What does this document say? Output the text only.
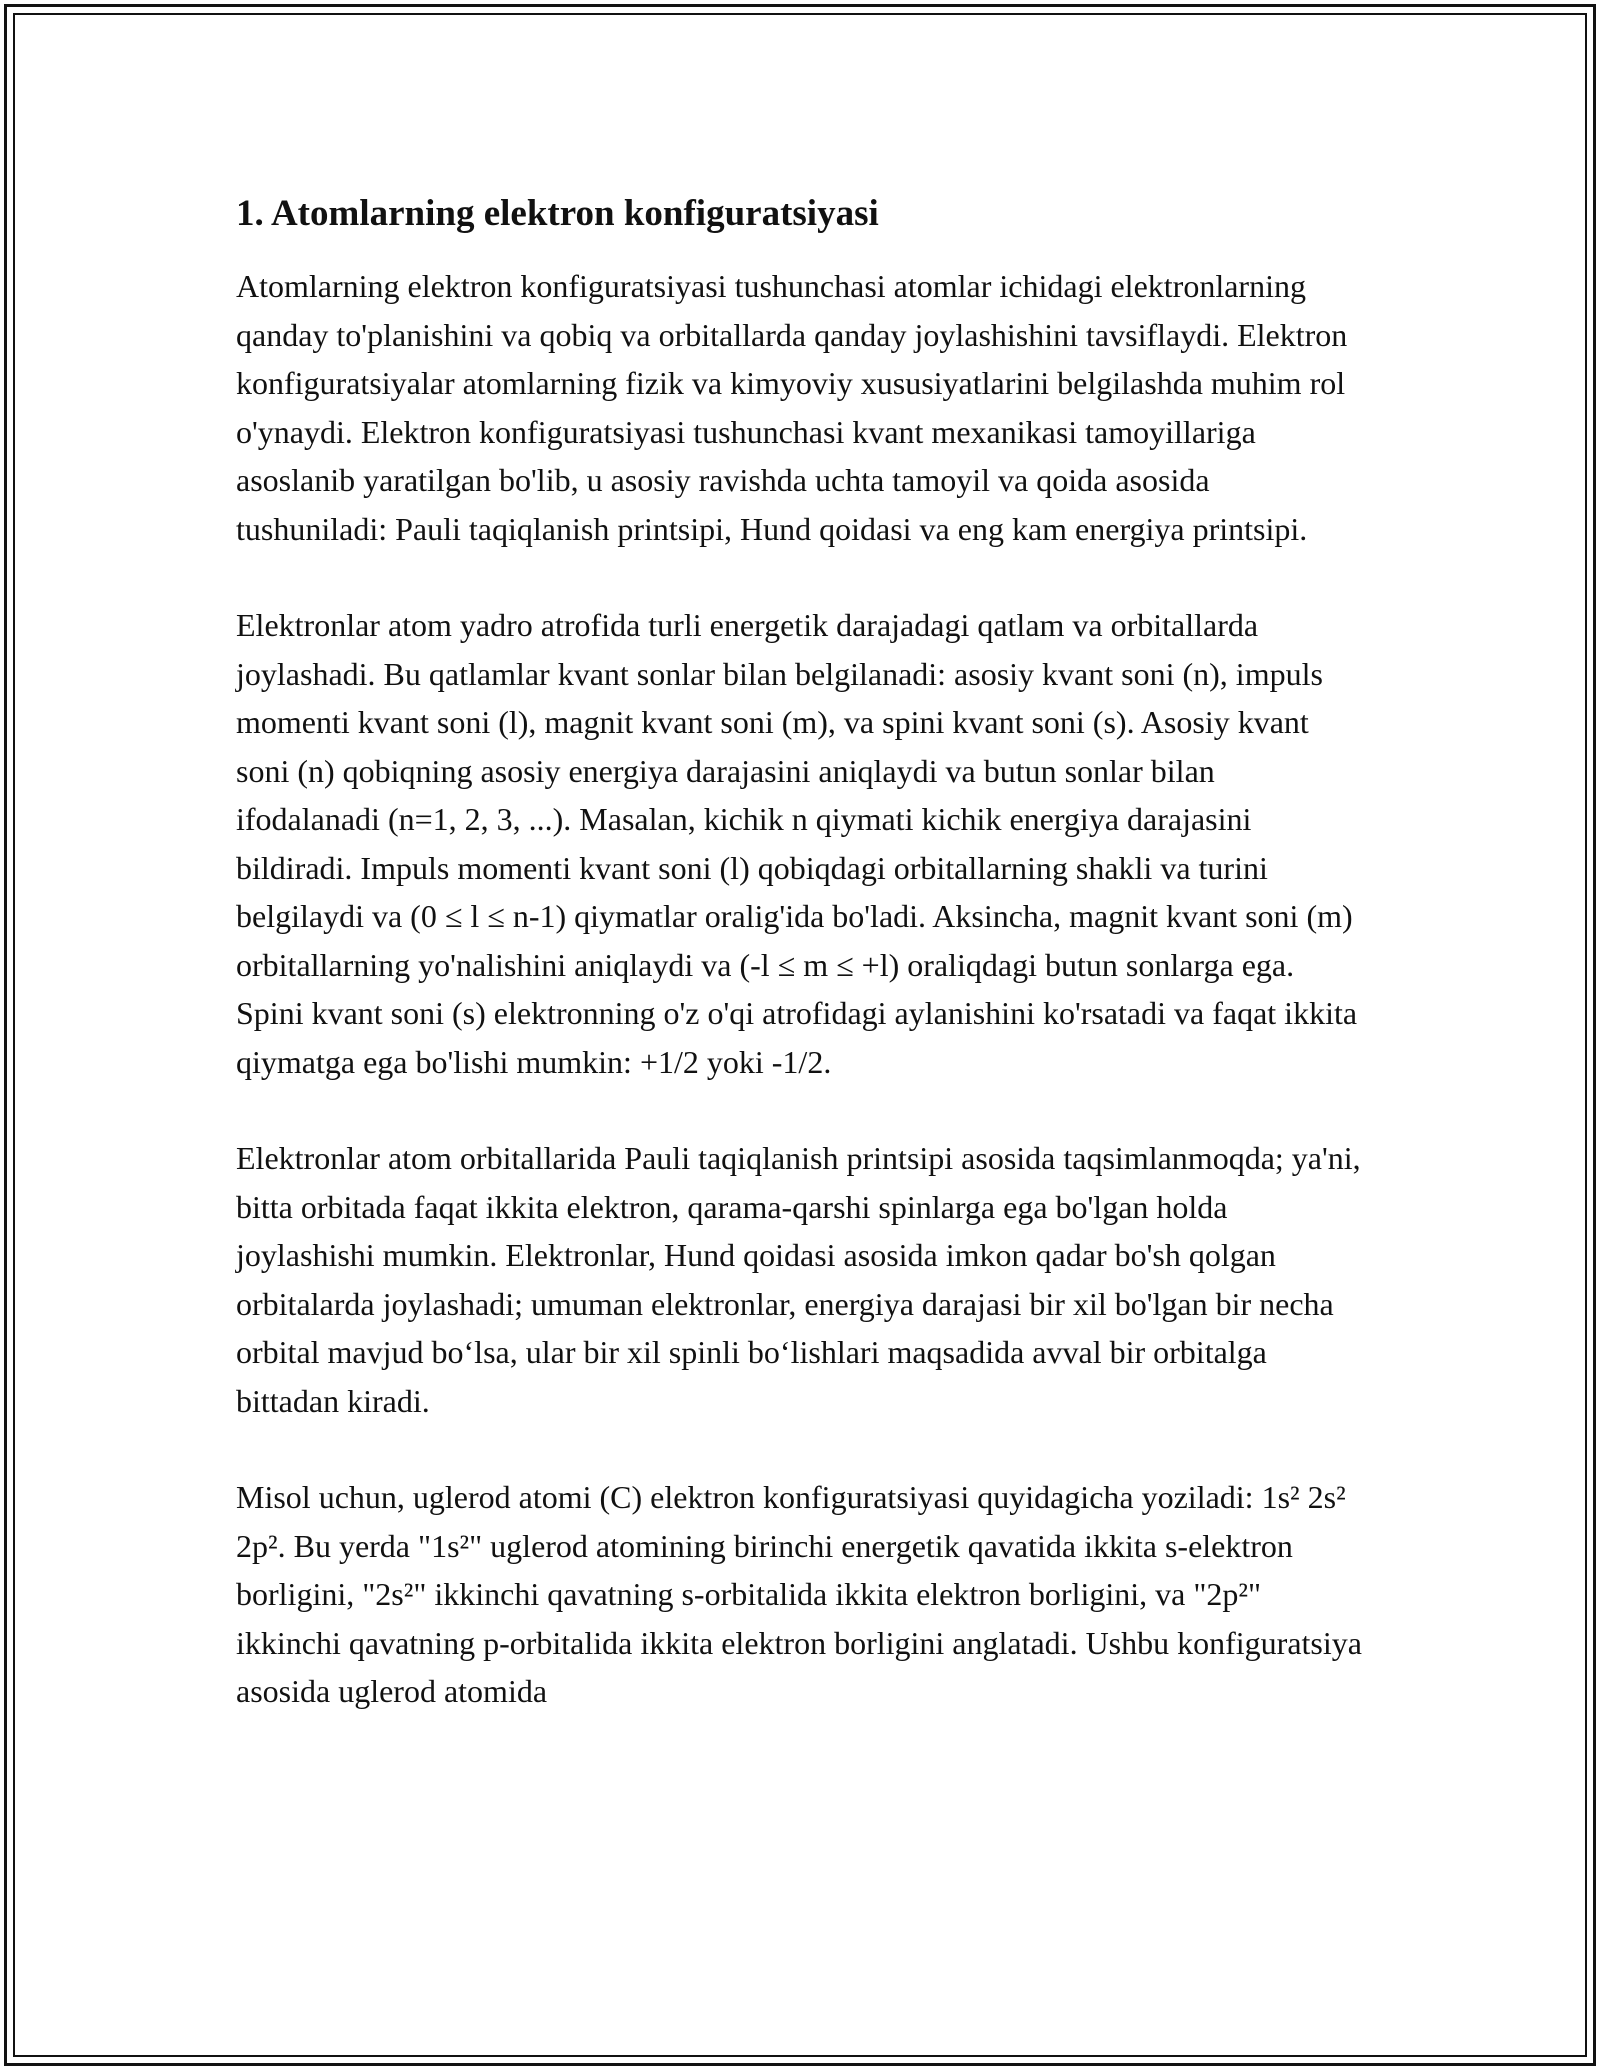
1. Atomlarning elektron konfiguratsiyasi

Atomlarning elektron konfiguratsiyasi tushunchasi atomlar ichidagi elektronlarning qanday to'planishini va qobiq va orbitallarda qanday joylashishini tavsiflaydi. Elektron konfiguratsiyalar atomlarning fizik va kimyoviy xususiyatlarini belgilashda muhim rol o'ynaydi. Elektron konfiguratsiyasi tushunchasi kvant mexanikasi tamoyillariga asoslanib yaratilgan bo'lib, u asosiy ravishda uchta tamoyil va qoida asosida tushuniladi: Pauli taqiqlanish printsipi, Hund qoidasi va eng kam energiya printsipi.

Elektronlar atom yadro atrofida turli energetik darajadagi qatlam va orbitallarda joylashadi. Bu qatlamlar kvant sonlar bilan belgilanadi: asosiy kvant soni (n), impuls momenti kvant soni (l), magnit kvant soni (m), va spini kvant soni (s). Asosiy kvant soni (n) qobiqning asosiy energiya darajasini aniqlaydi va butun sonlar bilan ifodalanadi (n=1, 2, 3, ...). Masalan, kichik n qiymati kichik energiya darajasini bildiradi. Impuls momenti kvant soni (l) qobiqdagi orbitallarning shakli va turini belgilaydi va (0 ≤ l ≤ n-1) qiymatlar oralig'ida bo'ladi. Aksincha, magnit kvant soni (m) orbitallarning yo'nalishini aniqlaydi va (-l ≤ m ≤ +l) oraliqdagi butun sonlarga ega. Spini kvant soni (s) elektronning o'z o'qi atrofidagi aylanishini ko'rsatadi va faqat ikkita qiymatga ega bo'lishi mumkin: +1/2 yoki -1/2.

Elektronlar atom orbitallarida Pauli taqiqlanish printsipi asosida taqsimlanmoqda; ya'ni, bitta orbitada faqat ikkita elektron, qarama-qarshi spinlarga ega bo'lgan holda joylashishi mumkin. Elektronlar, Hund qoidasi asosida imkon qadar bo'sh qolgan orbitalarda joylashadi; umuman elektronlar, energiya darajasi bir xil bo'lgan bir necha orbital mavjud bo‘lsa, ular bir xil spinli bo‘lishlari maqsadida avval bir orbitalga bittadan kiradi.

Misol uchun, uglerod atomi (C) elektron konfiguratsiyasi quyidagicha yoziladi: 1s² 2s² 2p². Bu yerda "1s²" uglerod atomining birinchi energetik qavatida ikkita s-elektron borligini, "2s²" ikkinchi qavatning s-orbitalida ikkita elektron borligini, va "2p²" ikkinchi qavatning p-orbitalida ikkita elektron borligini anglatadi. Ushbu konfiguratsiya asosida uglerod atomida
